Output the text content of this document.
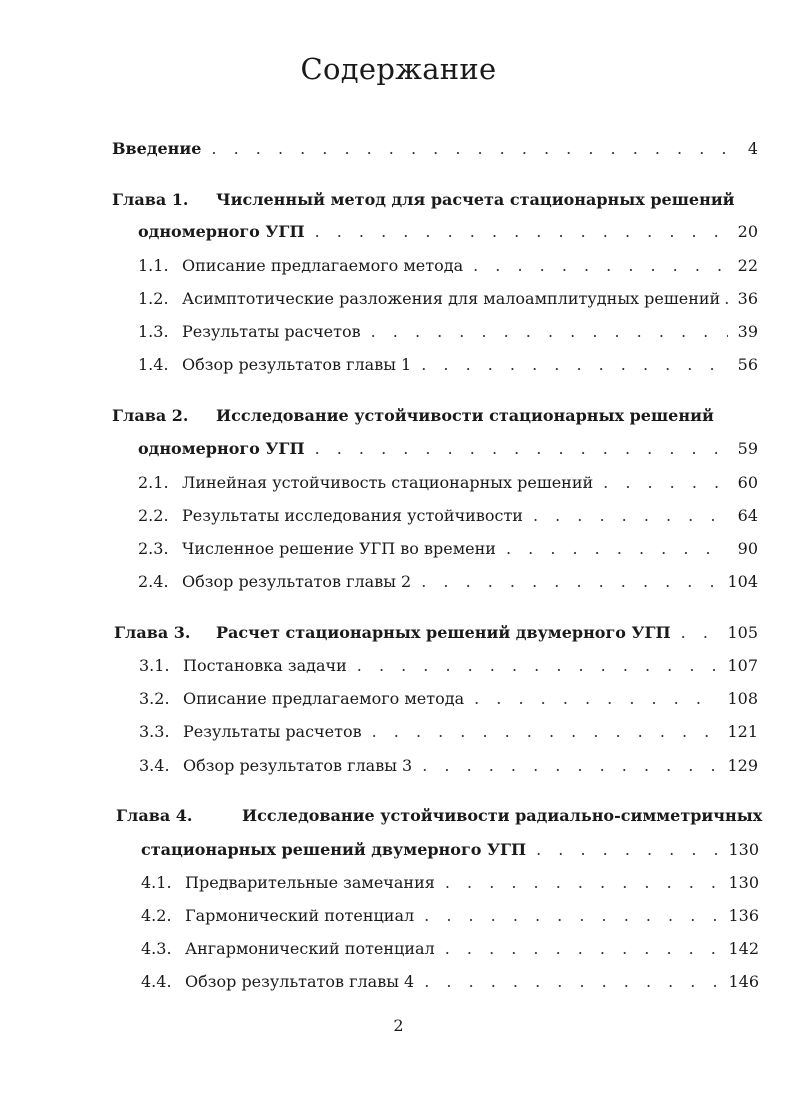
Содержание
Введение . . .	4
Глава 1.	Численный метод для расчета стационарных решений
одномерного УГП . . .	20
1.1. Описание предлагаемого метода . . .	22
1.2. Асимптотические разложения для малоамплитудных решений . . . 36
1.3. Результаты расчетов . . .	39
1.4. Обзор результатов главы 1 . . .	56
Глава 2.	Исследование устойчивости стационарных решений
одномерного УГП . . .	59
2.1. Линейная устойчивость стационарных решений . . .	60
2.2. Результаты исследования устойчивости . . .	64
2.3. Численное решение УГП во времени . . .	90
2.4. Обзор результатов главы 2 . . .	104
Глава 3. Расчет стационарных решений двумерного УГП . . .	105
3.1. Постановка задачи . . .	107
3.2. Описание предлагаемого метода . . .	108
3.3. Результаты расчетов . . .	121
3.4. Обзор результатов главы 3 . . .	129
Глава 4.	Исследование устойчивости радиально-симметричных
стационарных решений двумерного УГП . . .	130
4.1. Предварительные замечания . . .	130
4.2. Гармонический потенциал . . .	136
4.3. Ангармонический потенциал . . .	142
4.4. Обзор результатов главы 4 . . .	146
2
